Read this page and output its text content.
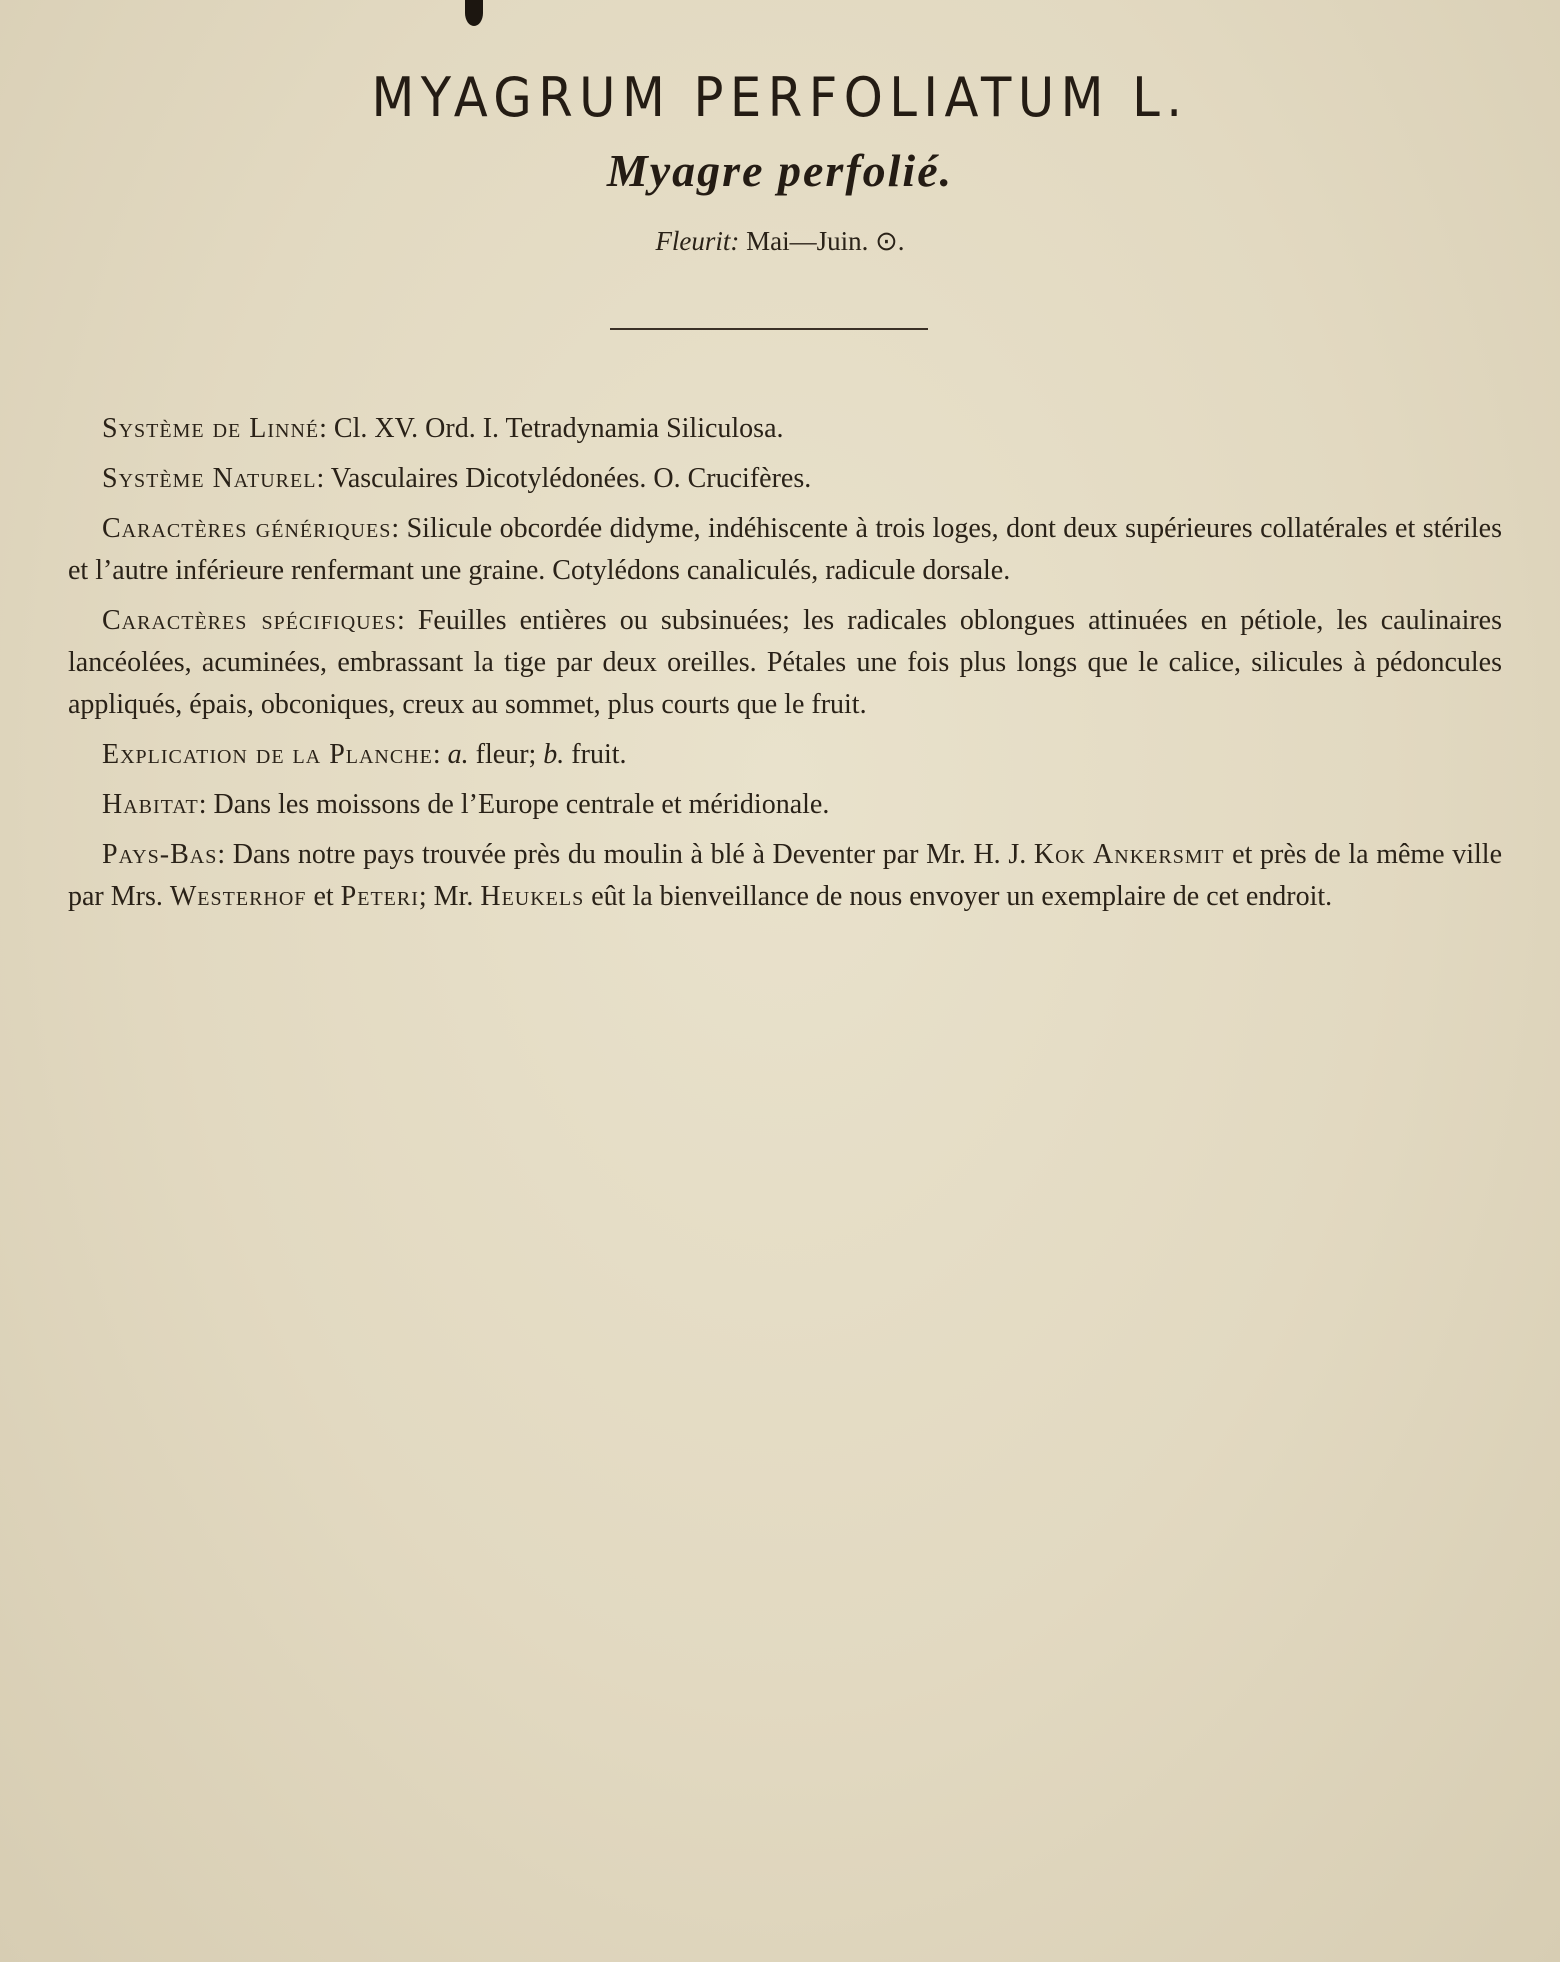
MYAGRUM PERFOLIATUM L.
Myagre perfolié.
Fleurit: Mai—Juin. ⊙.

Système de Linné: Cl. XV. Ord. I. Tetradynamia Siliculosa.

Système Naturel: Vasculaires Dicotylédonées. O. Crucifères.

Caractères génériques: Silicule obcordée didyme, indéhiscente à trois loges, dont deux supérieures collatérales et stériles et l’autre inférieure renfermant une graine. Cotylédons canaliculés, radicule dorsale.

Caractères spécifiques: Feuilles entières ou subsinuées; les radicales oblongues attinuées en pétiole, les caulinaires lancéolées, acuminées, embrassant la tige par deux oreilles. Pétales une fois plus longs que le calice, silicules à pédoncules appliqués, épais, obconiques, creux au sommet, plus courts que le fruit.

Explication de la Planche: a. fleur; b. fruit.

Habitat: Dans les moissons de l’Europe centrale et méridionale.

Pays-Bas: Dans notre pays trouvée près du moulin à blé à Deventer par Mr. H. J. Kok Ankersmit et près de la même ville par Mrs. Westerhof et Peteri; Mr. Heukels eût la bienveillance de nous envoyer un exemplaire de cet endroit.
